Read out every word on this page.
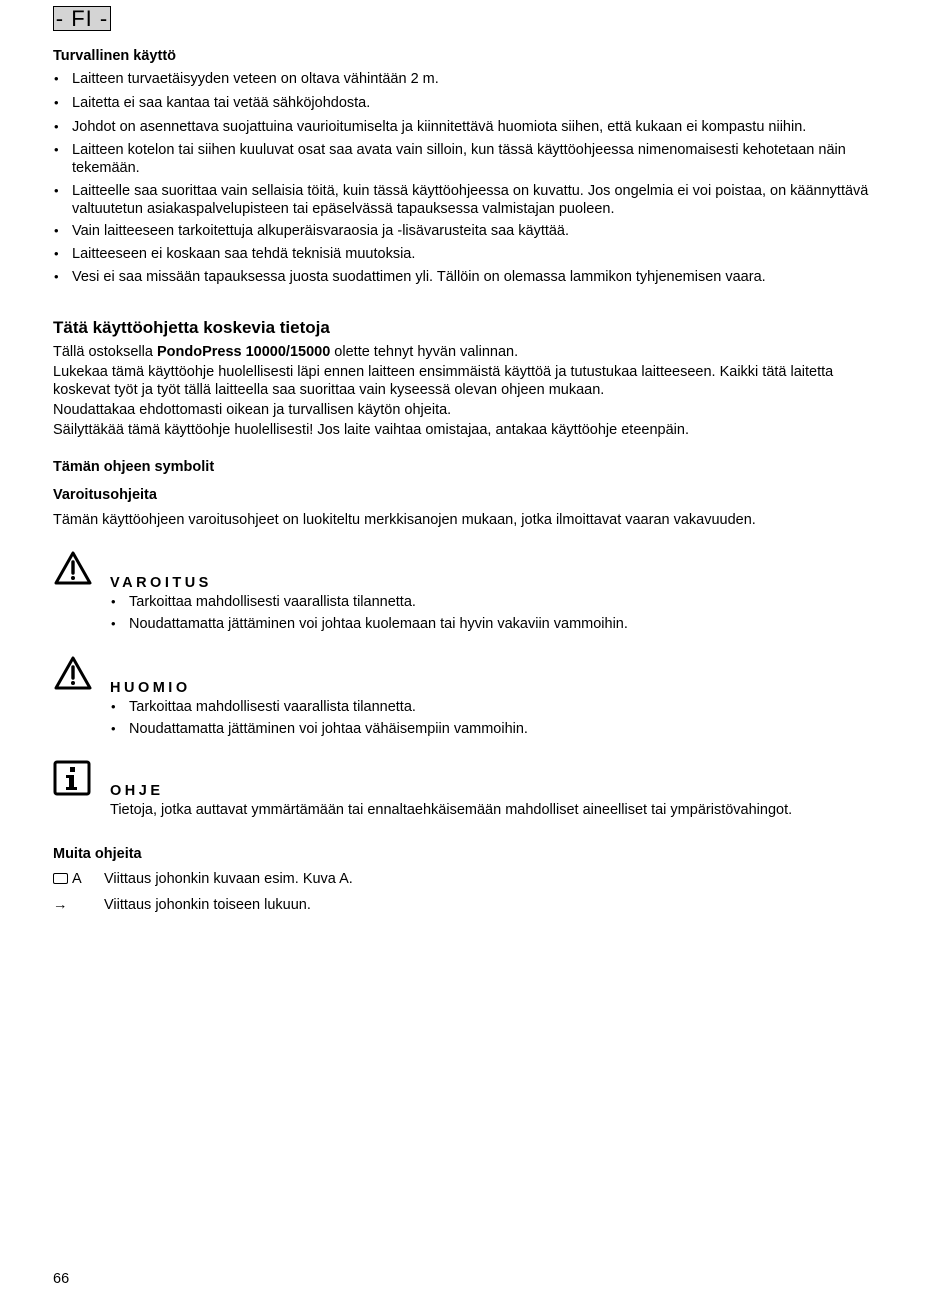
- FI -
Turvallinen käyttö
• Laitteen turvaetäisyyden veteen on oltava vähintään 2 m.
• Laitetta ei saa kantaa tai vetää sähköjohdosta.
• Johdot on asennettava suojattuina vaurioitumiselta ja kiinnitettävä huomiota siihen, että kukaan ei kompastu niihin.
• Laitteen kotelon tai siihen kuuluvat osat saa avata vain silloin, kun tässä käyttöohjeessa nimenomaisesti kehotetaan näin tekemään.
• Laitteelle saa suorittaa vain sellaisia töitä, kuin tässä käyttöohjeessa on kuvattu. Jos ongelmia ei voi poistaa, on käännyttävä valtuutetun asiakaspalvelupisteen tai epäselvässä tapauksessa valmistajan puoleen.
• Vain laitteeseen tarkoitettuja alkuperäisvaraosia ja -lisävarusteita saa käyttää.
• Laitteeseen ei koskaan saa tehdä teknisiä muutoksia.
• Vesi ei saa missään tapauksessa juosta suodattimen yli. Tällöin on olemassa lammikon tyhjenemisen vaara.
Tätä käyttöohjetta koskevia tietoja

Tällä ostoksella PondoPress 10000/15000 olette tehnyt hyvän valinnan.

Lukekaa tämä käyttöohje huolellisesti läpi ennen laitteen ensimmäistä käyttöä ja tutustukaa laitteeseen. Kaikki tätä laitetta koskevat työt ja työt tällä laitteella saa suorittaa vain kyseessä olevan ohjeen mukaan.

Noudattakaa ehdottomasti oikean ja turvallisen käytön ohjeita.

Säilyttäkää tämä käyttöohje huolellisesti! Jos laite vaihtaa omistajaa, antakaa käyttöohje eteenpäin.

Tämän ohjeen symbolit
Varoitusohjeita

Tämän käyttöohjeen varoitusohjeet on luokiteltu merkkisanojen mukaan, jotka ilmoittavat vaaran vakavuuden.

VAROITUS
• Tarkoittaa mahdollisesti vaarallista tilannetta.
• Noudattamatta jättäminen voi johtaa kuolemaan tai hyvin vakaviin vammoihin.
HUOMIO
• Tarkoittaa mahdollisesti vaarallista tilannetta.
• Noudattamatta jättäminen voi johtaa vähäisempiin vammoihin.
OHJE

Tietoja, jotka auttavat ymmärtämään tai ennaltaehkäisemään mahdolliset aineelliset tai ympäristövahingot.

Muita ohjeita
A	Viittaus johonkin kuvaan esim. Kuva A.
→	Viittaus johonkin toiseen lukuun.
66
